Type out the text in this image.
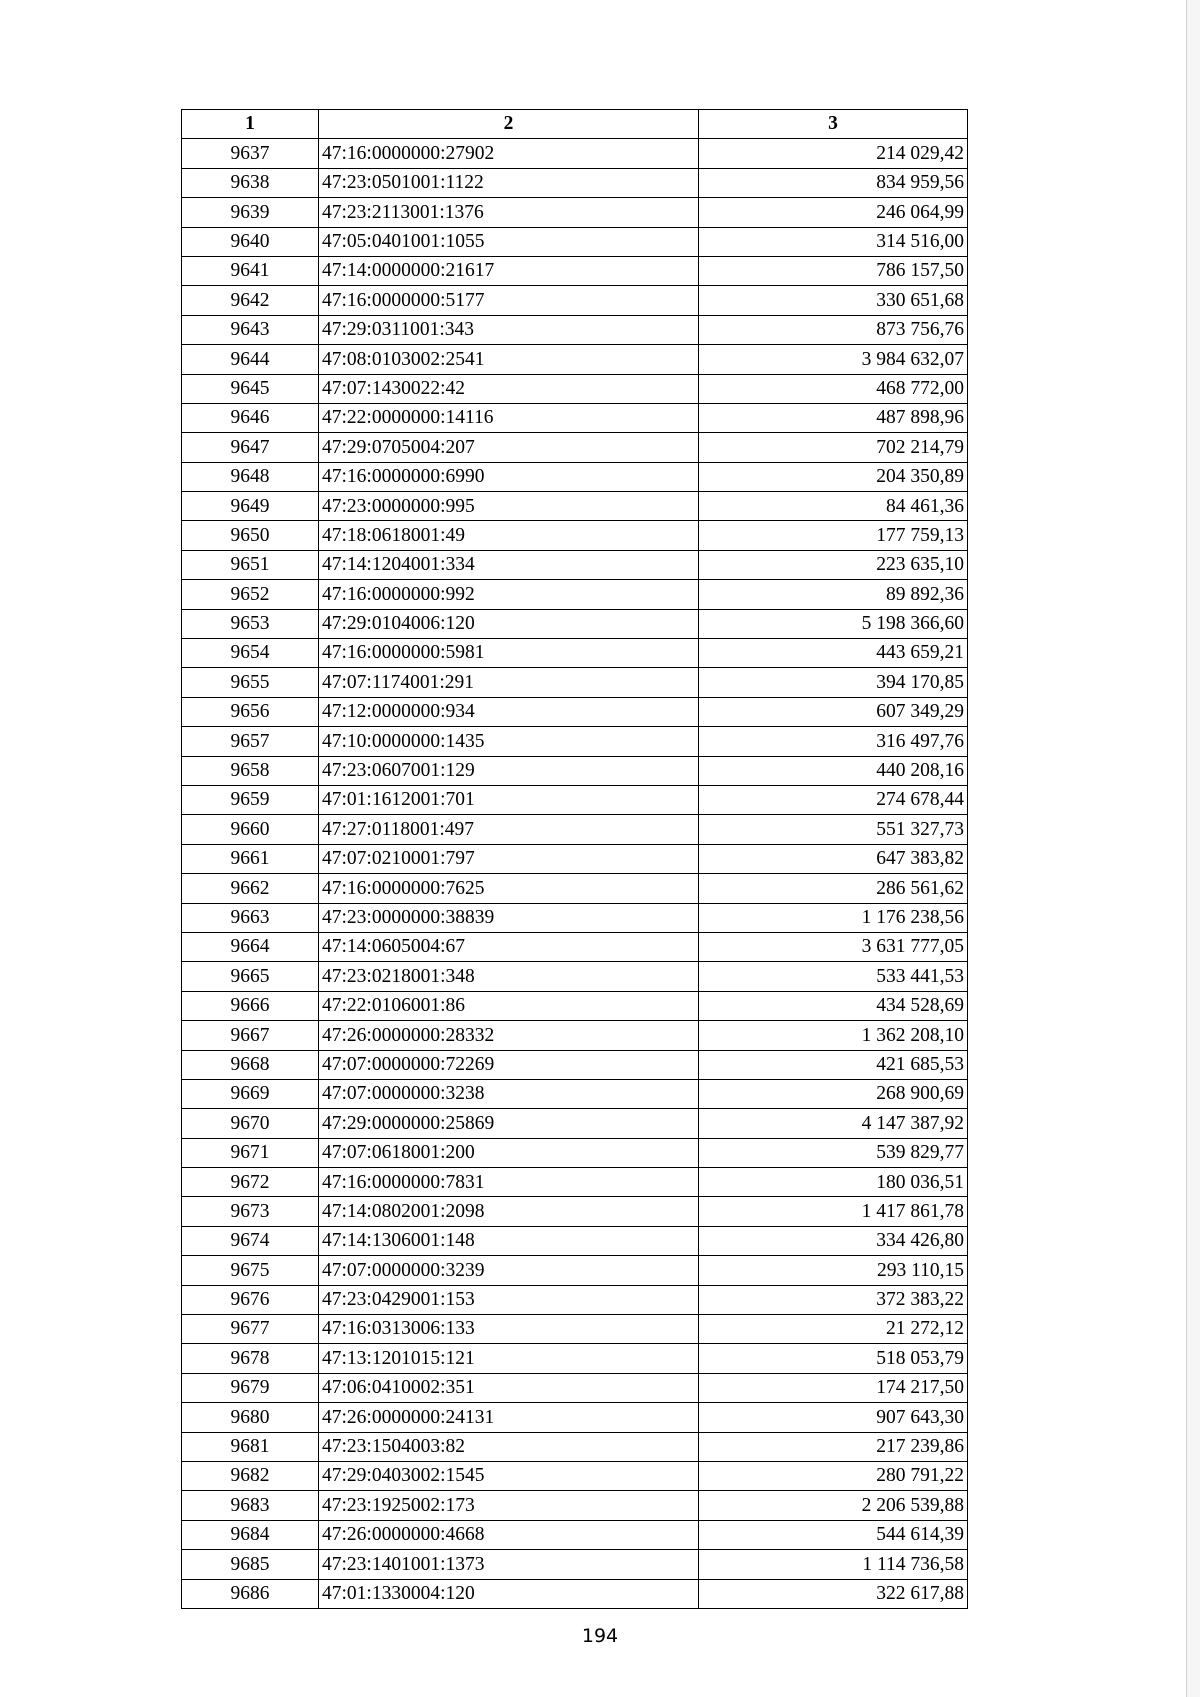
1	2	3
9637	47:16:0000000:27902	214 029,42
9638	47:23:0501001:1122	834 959,56
9639	47:23:2113001:1376	246 064,99
9640	47:05:0401001:1055	314 516,00
9641	47:14:0000000:21617	786 157,50
9642	47:16:0000000:5177	330 651,68
9643	47:29:0311001:343	873 756,76
9644	47:08:0103002:2541	3 984 632,07
9645	47:07:1430022:42	468 772,00
9646	47:22:0000000:14116	487 898,96
9647	47:29:0705004:207	702 214,79
9648	47:16:0000000:6990	204 350,89
9649	47:23:0000000:995	84 461,36
9650	47:18:0618001:49	177 759,13
9651	47:14:1204001:334	223 635,10
9652	47:16:0000000:992	89 892,36
9653	47:29:0104006:120	5 198 366,60
9654	47:16:0000000:5981	443 659,21
9655	47:07:1174001:291	394 170,85
9656	47:12:0000000:934	607 349,29
9657	47:10:0000000:1435	316 497,76
9658	47:23:0607001:129	440 208,16
9659	47:01:1612001:701	274 678,44
9660	47:27:0118001:497	551 327,73
9661	47:07:0210001:797	647 383,82
9662	47:16:0000000:7625	286 561,62
9663	47:23:0000000:38839	1 176 238,56
9664	47:14:0605004:67	3 631 777,05
9665	47:23:0218001:348	533 441,53
9666	47:22:0106001:86	434 528,69
9667	47:26:0000000:28332	1 362 208,10
9668	47:07:0000000:72269	421 685,53
9669	47:07:0000000:3238	268 900,69
9670	47:29:0000000:25869	4 147 387,92
9671	47:07:0618001:200	539 829,77
9672	47:16:0000000:7831	180 036,51
9673	47:14:0802001:2098	1 417 861,78
9674	47:14:1306001:148	334 426,80
9675	47:07:0000000:3239	293 110,15
9676	47:23:0429001:153	372 383,22
9677	47:16:0313006:133	21 272,12
9678	47:13:1201015:121	518 053,79
9679	47:06:0410002:351	174 217,50
9680	47:26:0000000:24131	907 643,30
9681	47:23:1504003:82	217 239,86
9682	47:29:0403002:1545	280 791,22
9683	47:23:1925002:173	2 206 539,88
9684	47:26:0000000:4668	544 614,39
9685	47:23:1401001:1373	1 114 736,58
9686	47:01:1330004:120	322 617,88
194
